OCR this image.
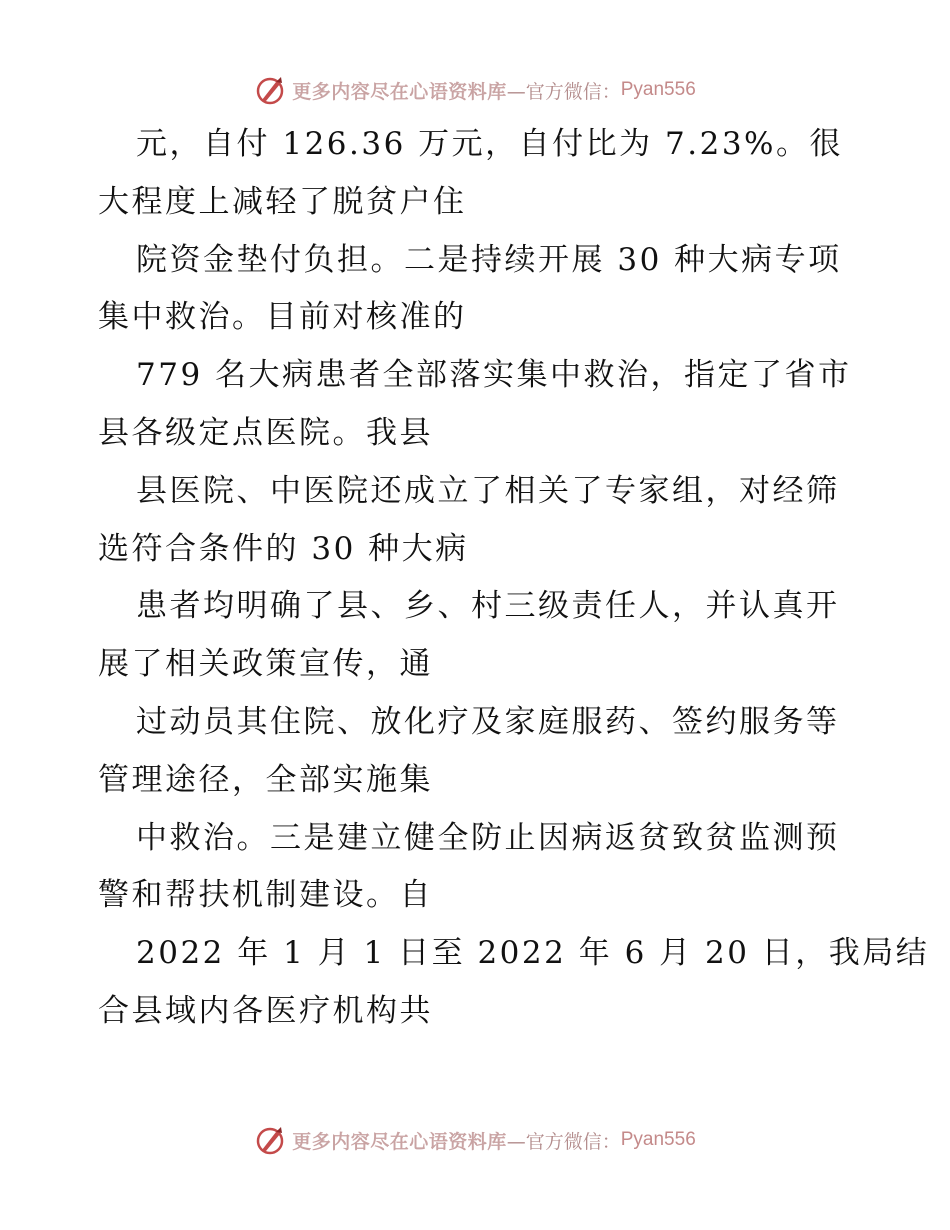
更多内容尽在心语资料库 —官方微信： Pyan556
元，自付 126.36 万元，自付比为 7.23%。很
大程度上减轻了脱贫户住
院资金垫付负担。二是持续开展 30 种大病专项
集中救治。目前对核准的
779 名大病患者全部落实集中救治，指定了省市
县各级定点医院。我县
县医院、中医院还成立了相关了专家组，对经筛
选符合条件的 30 种大病
患者均明确了县、乡、村三级责任人，并认真开
展了相关政策宣传，通
过动员其住院、放化疗及家庭服药、签约服务等
管理途径，全部实施集
中救治。三是建立健全防止因病返贫致贫监测预
警和帮扶机制建设。自
2022 年 1 月 1 日至 2022 年 6 月 20 日，我局结
合县域内各医疗机构共
更多内容尽在心语资料库 —官方微信： Pyan556
